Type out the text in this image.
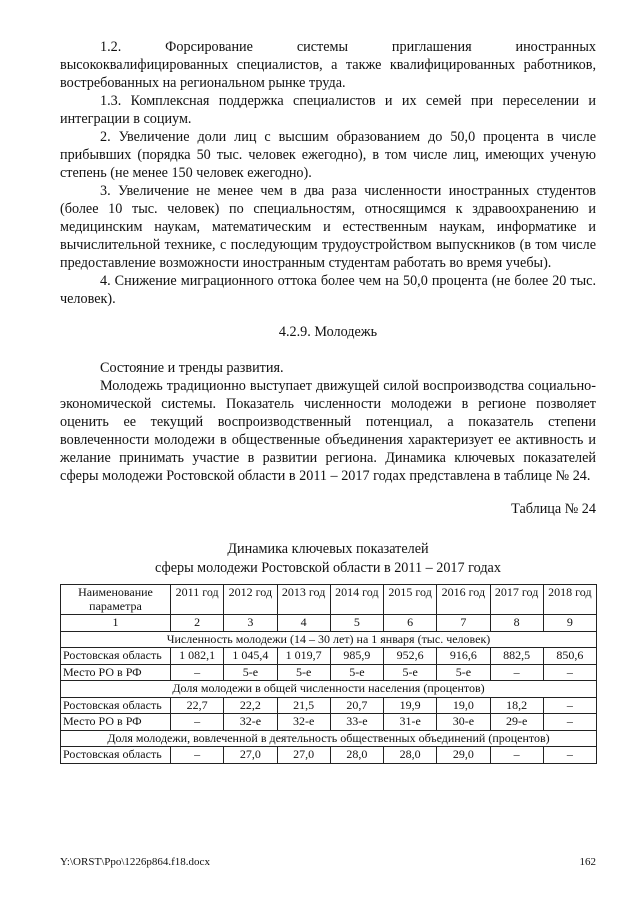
1.2. Форсирование системы приглашения иностранных высококвалифицированных специалистов, а также квалифицированных работников, востребованных на региональном рынке труда.

1.3. Комплексная поддержка специалистов и их семей при переселении и интеграции в социум.

2. Увеличение доли лиц с высшим образованием до 50,0 процента в числе прибывших (порядка 50 тыс. человек ежегодно), в том числе лиц, имеющих ученую степень (не менее 150 человек ежегодно).

3. Увеличение не менее чем в два раза численности иностранных студентов (более 10 тыс. человек) по специальностям, относящимся к здравоохранению и медицинским наукам, математическим и естественным наукам, информатике и вычислительной технике, с последующим трудоустройством выпускников (в том числе предоставление возможности иностранным студентам работать во время учебы).

4. Снижение миграционного оттока более чем на 50,0 процента (не более 20 тыс. человек).

4.2.9. Молодежь

Состояние и тренды развития.

Молодежь традиционно выступает движущей силой воспроизводства социально-экономической системы. Показатель численности молодежи в регионе позволяет оценить ее текущий воспроизводственный потенциал, а показатель степени вовлеченности молодежи в общественные объединения характеризует ее активность и желание принимать участие в развитии региона. Динамика ключевых показателей сферы молодежи Ростовской области в 2011 – 2017 годах представлена в таблице № 24.

Таблица № 24

Динамика ключевых показателей

сферы молодежи Ростовской области в 2011 – 2017 годах

Наименование параметра	2011 год	2012 год	2013 год	2014 год	2015 год	2016 год	2017 год	2018 год
1	2	3	4	5	6	7	8	9
Численность молодежи (14 – 30 лет) на 1 января (тыс. человек)								
Ростовская область	1 082,1	1 045,4	1 019,7	985,9	952,6	916,6	882,5	850,6
Место РО в РФ	–	5-е	5-е	5-е	5-е	5-е	–	–
Доля молодежи в общей численности населения (процентов)								
Ростовская область	22,7	22,2	21,5	20,7	19,9	19,0	18,2	–
Место РО в РФ	–	32-е	32-е	33-е	31-е	30-е	29-е	–
Доля молодежи, вовлеченной в деятельность общественных объединений (процентов)								
Ростовская область	–	27,0	27,0	28,0	28,0	29,0	–	–
Y:\ORST\Ppo\1226p864.f18.docx	162
